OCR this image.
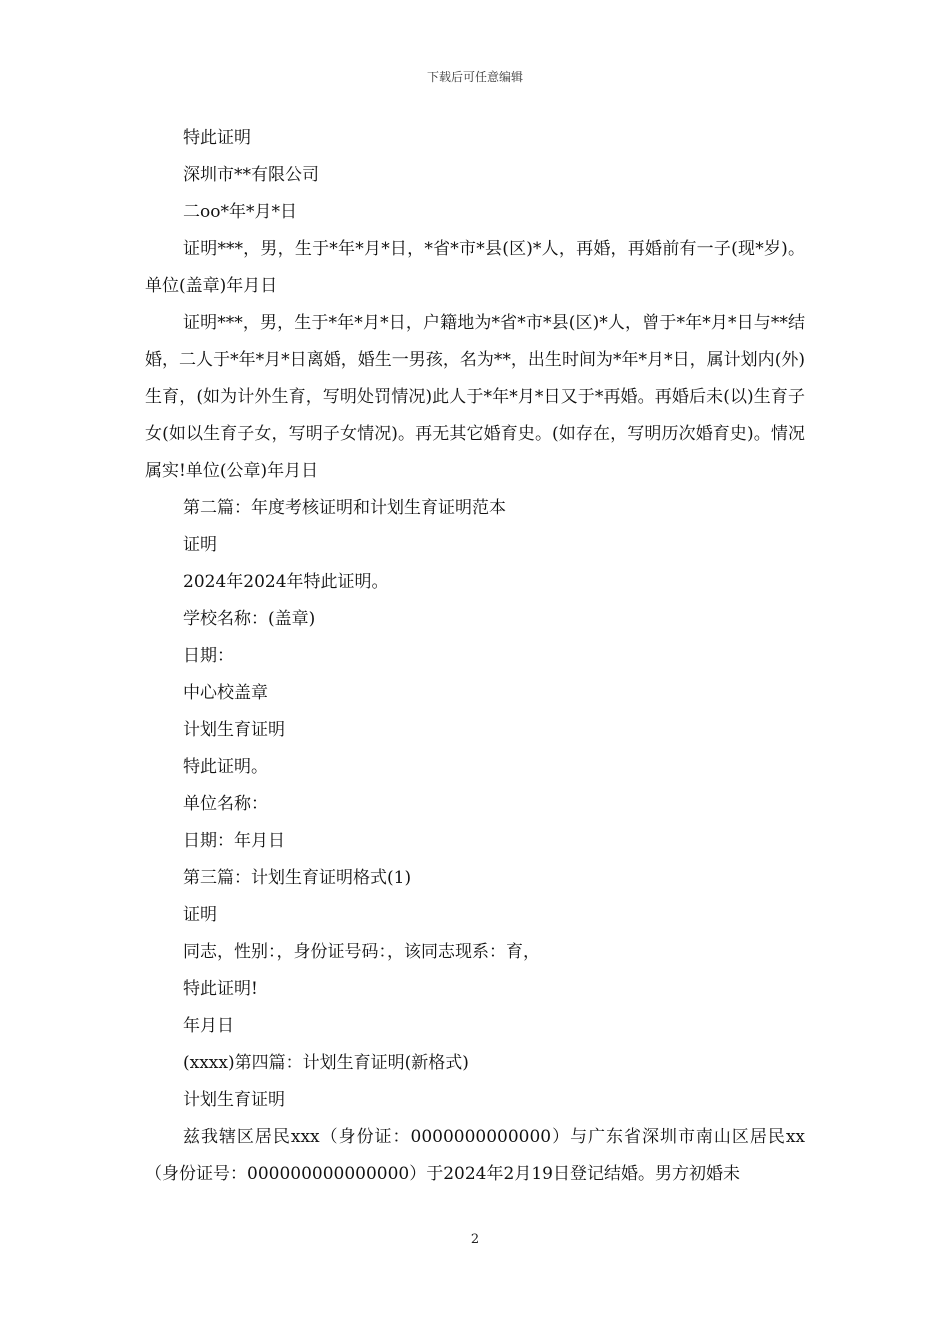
下载后可任意编辑

特此证明

深圳市**有限公司

二oo*年*月*日

证明***，男，生于*年*月*日，*省*市*县(区)*人，再婚，再婚前有一子(现*岁)。单位(盖章)年月日

证明***，男，生于*年*月*日，户籍地为*省*市*县(区)*人，曾于*年*月*日与**结婚，二人于*年*月*日离婚，婚生一男孩，名为**，出生时间为*年*月*日，属计划内(外)生育，(如为计外生育，写明处罚情况)此人于*年*月*日又于*再婚。再婚后未(以)生育子女(如以生育子女，写明子女情况)。再无其它婚育史。(如存在，写明历次婚育史)。情况属实!单位(公章)年月日

第二篇：年度考核证明和计划生育证明范本

证明

2024年2024年特此证明。

学校名称：(盖章)

日期：

中心校盖章

计划生育证明

特此证明。

单位名称：

日期：年月日

第三篇：计划生育证明格式(1)

证明

同志，性别：，身份证号码：，该同志现系：育，

特此证明!

年月日

(xxxx)第四篇：计划生育证明(新格式)

计划生育证明

兹我辖区居民xxx（身份证：0000000000000）与广东省深圳市南山区居民xx（身份证号：000000000000000）于2024年2月19日登记结婚。男方初婚未

2
